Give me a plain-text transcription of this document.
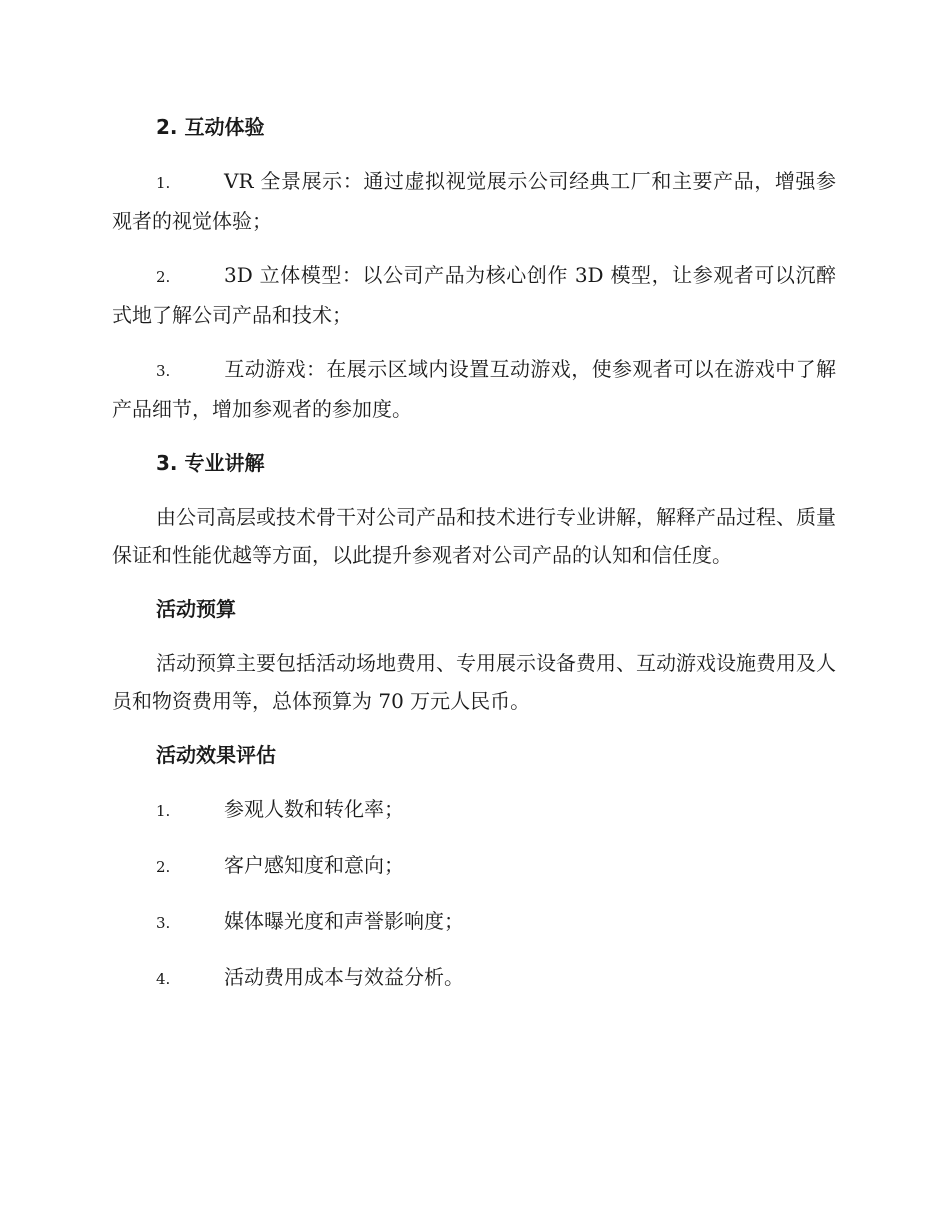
2. 互动体验

1.	VR 全景展示：通过虚拟视觉展示公司经典工厂和主要产品，增强参观者的视觉体验；

2.	3D 立体模型：以公司产品为核心创作 3D 模型，让参观者可以沉醉式地了解公司产品和技术；

3.	互动游戏：在展示区域内设置互动游戏，使参观者可以在游戏中了解产品细节，增加参观者的参加度。

3. 专业讲解

由公司高层或技术骨干对公司产品和技术进行专业讲解，解释产品过程、质量保证和性能优越等方面，以此提升参观者对公司产品的认知和信任度。

活动预算

活动预算主要包括活动场地费用、专用展示设备费用、互动游戏设施费用及人员和物资费用等，总体预算为 70 万元人民币。

活动效果评估

1.	参观人数和转化率；

2.	客户感知度和意向；

3.	媒体曝光度和声誉影响度；

4.	活动费用成本与效益分析。
